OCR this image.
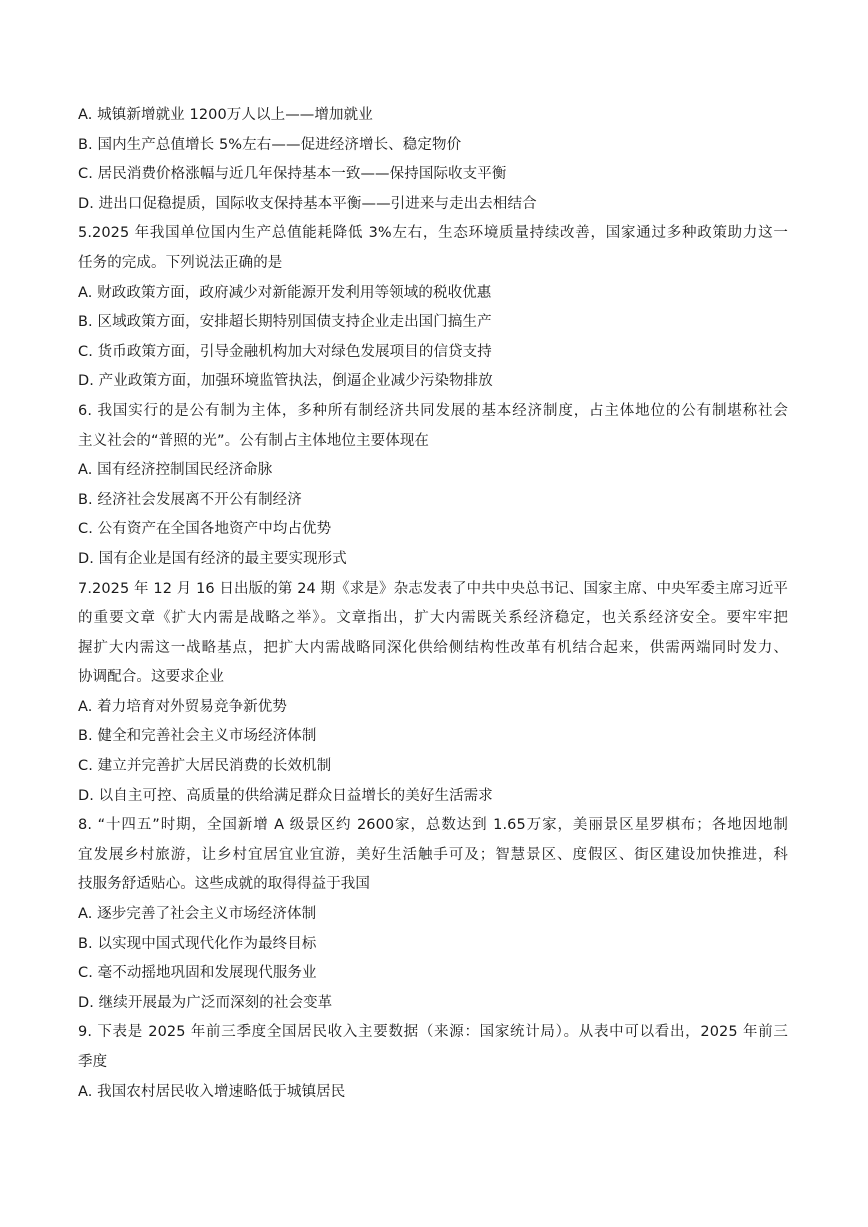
A. 城镇新增就业 1200万人以上——增加就业
B. 国内生产总值增长 5%左右——促进经济增长、稳定物价
C. 居民消费价格涨幅与近几年保持基本一致——保持国际收支平衡
D. 进出口促稳提质，国际收支保持基本平衡——引进来与走出去相结合
5.2025 年我国单位国内生产总值能耗降低 3%左右，生态环境质量持续改善，国家通过多种政策助力这一
任务的完成。下列说法正确的是
A. 财政政策方面，政府减少对新能源开发利用等领域的税收优惠
B. 区域政策方面，安排超长期特别国债支持企业走出国门搞生产
C. 货币政策方面，引导金融机构加大对绿色发展项目的信贷支持
D. 产业政策方面，加强环境监管执法，倒逼企业减少污染物排放
6. 我国实行的是公有制为主体，多种所有制经济共同发展的基本经济制度，占主体地位的公有制堪称社会
主义社会的“普照的光”。公有制占主体地位主要体现在
A. 国有经济控制国民经济命脉
B. 经济社会发展离不开公有制经济
C. 公有资产在全国各地资产中均占优势
D. 国有企业是国有经济的最主要实现形式
7.2025 年 12 月 16 日出版的第 24 期《求是》杂志发表了中共中央总书记、国家主席、中央军委主席习近平
的重要文章《扩大内需是战略之举》。文章指出，扩大内需既关系经济稳定，也关系经济安全。要牢牢把
握扩大内需这一战略基点，把扩大内需战略同深化供给侧结构性改革有机结合起来，供需两端同时发力、
协调配合。这要求企业
A. 着力培育对外贸易竞争新优势
B. 健全和完善社会主义市场经济体制
C. 建立并完善扩大居民消费的长效机制
D. 以自主可控、高质量的供给满足群众日益增长的美好生活需求
8. “十四五”时期，全国新增 A 级景区约 2600家，总数达到 1.65万家，美丽景区星罗棋布；各地因地制
宜发展乡村旅游，让乡村宜居宜业宜游，美好生活触手可及；智慧景区、度假区、街区建设加快推进，科
技服务舒适贴心。这些成就的取得得益于我国
A. 逐步完善了社会主义市场经济体制
B. 以实现中国式现代化作为最终目标
C. 毫不动摇地巩固和发展现代服务业
D. 继续开展最为广泛而深刻的社会变革
9. 下表是 2025 年前三季度全国居民收入主要数据（来源：国家统计局）。从表中可以看出，2025 年前三
季度
A. 我国农村居民收入增速略低于城镇居民
